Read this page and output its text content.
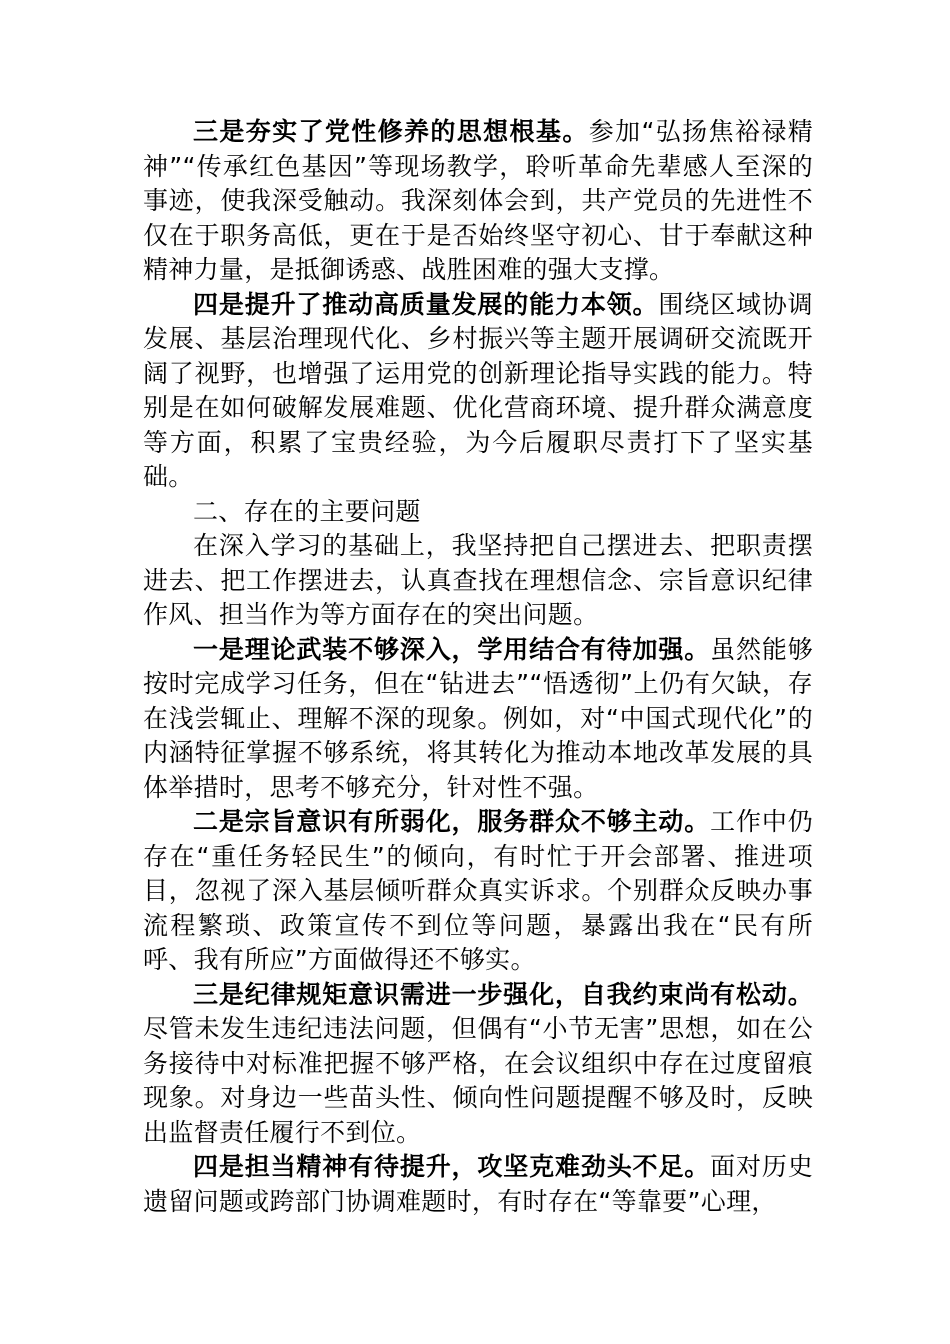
三是夯实了党性修养的思想根基。参加“弘扬焦裕禄精神”“传承红色基因”等现场教学，聆听革命先辈感人至深的事迹，使我深受触动。我深刻体会到，共产党员的先进性不仅在于职务高低，更在于是否始终坚守初心、甘于奉献这种精神力量，是抵御诱惑、战胜困难的强大支撑。

四是提升了推动高质量发展的能力本领。围绕区域协调发展、基层治理现代化、乡村振兴等主题开展调研交流既开阔了视野，也增强了运用党的创新理论指导实践的能力。特别是在如何破解发展难题、优化营商环境、提升群众满意度等方面，积累了宝贵经验，为今后履职尽责打下了坚实基础。

二、存在的主要问题

在深入学习的基础上，我坚持把自己摆进去、把职责摆进去、把工作摆进去，认真查找在理想信念、宗旨意识纪律作风、担当作为等方面存在的突出问题。

一是理论武装不够深入，学用结合有待加强。虽然能够按时完成学习任务，但在“钻进去”“悟透彻”上仍有欠缺，存在浅尝辄止、理解不深的现象。例如，对“中国式现代化”的内涵特征掌握不够系统，将其转化为推动本地改革发展的具体举措时，思考不够充分，针对性不强。

二是宗旨意识有所弱化，服务群众不够主动。工作中仍存在“重任务轻民生”的倾向，有时忙于开会部署、推进项目，忽视了深入基层倾听群众真实诉求。个别群众反映办事流程繁琐、政策宣传不到位等问题，暴露出我在“民有所呼、我有所应”方面做得还不够实。

三是纪律规矩意识需进一步强化，自我约束尚有松动。尽管未发生违纪违法问题，但偶有“小节无害”思想，如在公务接待中对标准把握不够严格，在会议组织中存在过度留痕现象。对身边一些苗头性、倾向性问题提醒不够及时，反映出监督责任履行不到位。

四是担当精神有待提升，攻坚克难劲头不足。面对历史遗留问题或跨部门协调难题时，有时存在“等靠要”心理，
